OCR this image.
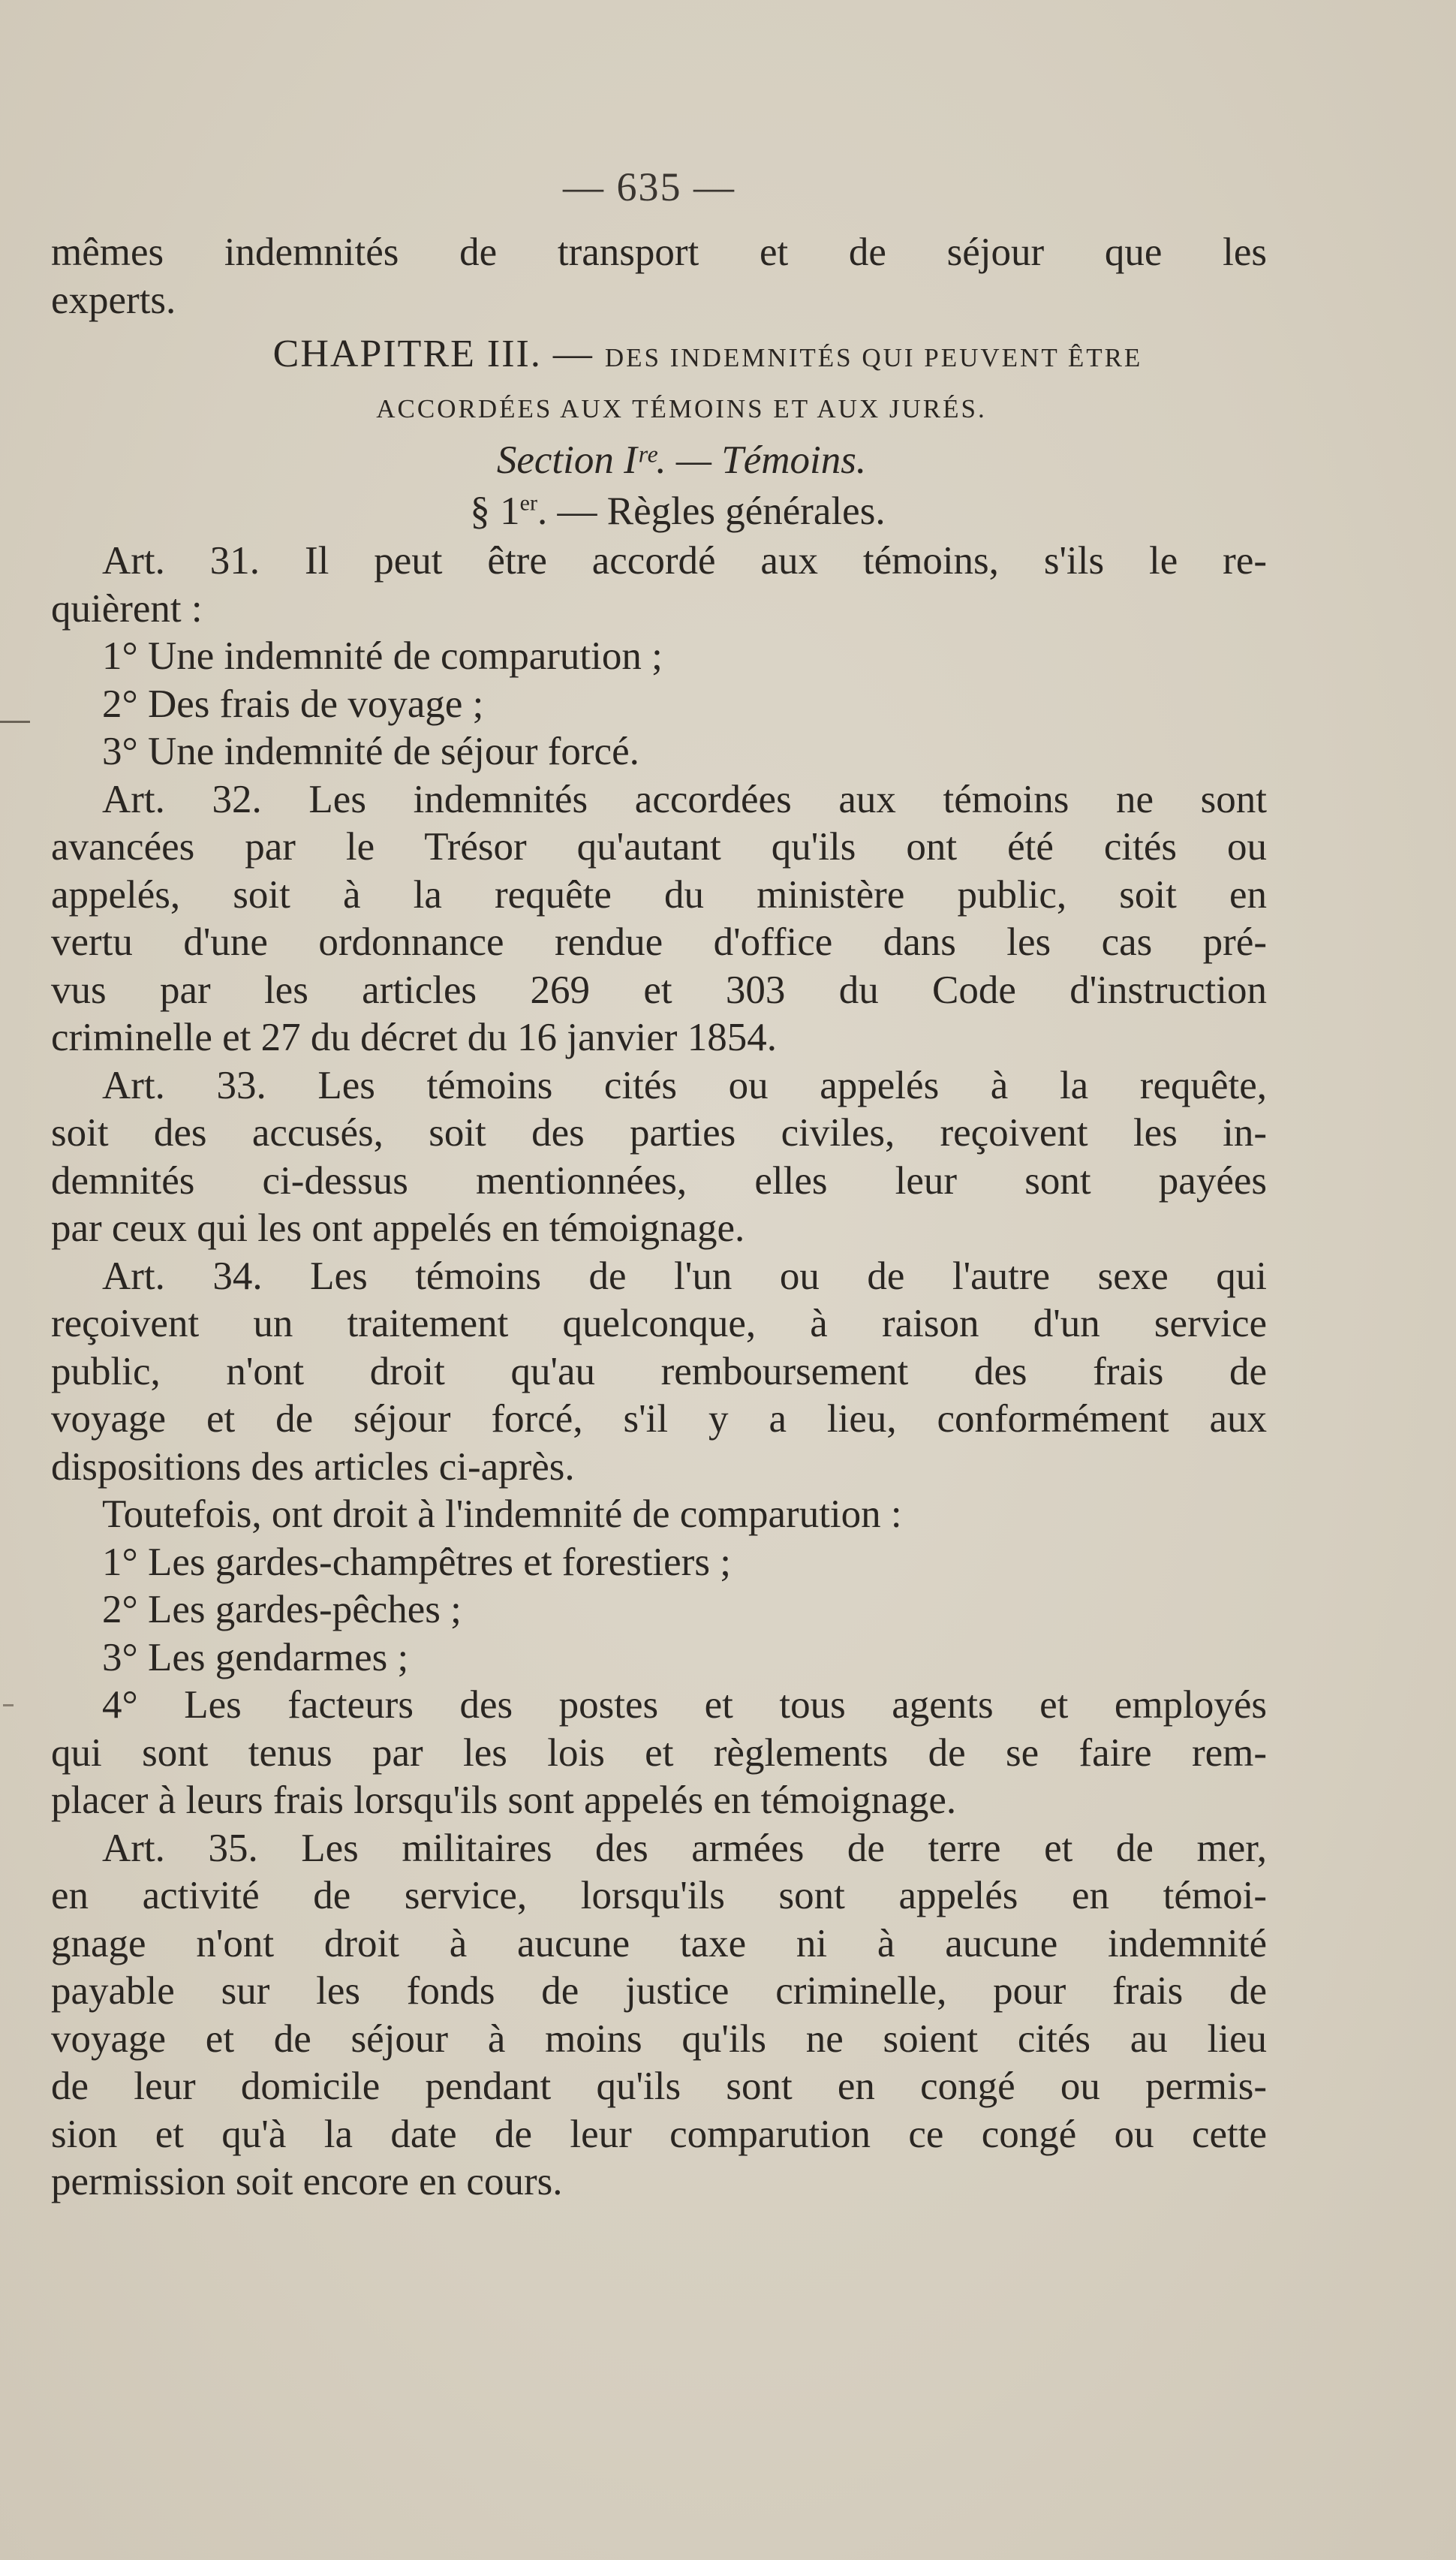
— 635 —
mêmes indemnités de transport et de séjour que les
experts.
CHAPITRE III. — DES INDEMNITÉS QUI PEUVENT ÊTRE
ACCORDÉES AUX TÉMOINS ET AUX JURÉS.
Section Iʳᵉ. — Témoins.
§ 1er. — Règles générales.
Art. 31. Il peut être accordé aux témoins, s'ils le re-
quièrent :
1° Une indemnité de comparution ;
2° Des frais de voyage ;
3° Une indemnité de séjour forcé.
Art. 32. Les indemnités accordées aux témoins ne sont
avancées par le Trésor qu'autant qu'ils ont été cités ou
appelés, soit à la requête du ministère public, soit en
vertu d'une ordonnance rendue d'office dans les cas pré-
vus par les articles 269 et 303 du Code d'instruction
criminelle et 27 du décret du 16 janvier 1854.
Art. 33. Les témoins cités ou appelés à la requête,
soit des accusés, soit des parties civiles, reçoivent les in-
demnités ci-dessus mentionnées, elles leur sont payées
par ceux qui les ont appelés en témoignage.
Art. 34. Les témoins de l'un ou de l'autre sexe qui
reçoivent un traitement quelconque, à raison d'un service
public, n'ont droit qu'au remboursement des frais de
voyage et de séjour forcé, s'il y a lieu, conformément aux
dispositions des articles ci-après.
Toutefois, ont droit à l'indemnité de comparution :
1° Les gardes-champêtres et forestiers ;
2° Les gardes-pêches ;
3° Les gendarmes ;
4° Les facteurs des postes et tous agents et employés
qui sont tenus par les lois et règlements de se faire rem-
placer à leurs frais lorsqu'ils sont appelés en témoignage.
Art. 35. Les militaires des armées de terre et de mer,
en activité de service, lorsqu'ils sont appelés en témoi-
gnage n'ont droit à aucune taxe ni à aucune indemnité
payable sur les fonds de justice criminelle, pour frais de
voyage et de séjour à moins qu'ils ne soient cités au lieu
de leur domicile pendant qu'ils sont en congé ou permis-
sion et qu'à la date de leur comparution ce congé ou cette
permission soit encore en cours.
